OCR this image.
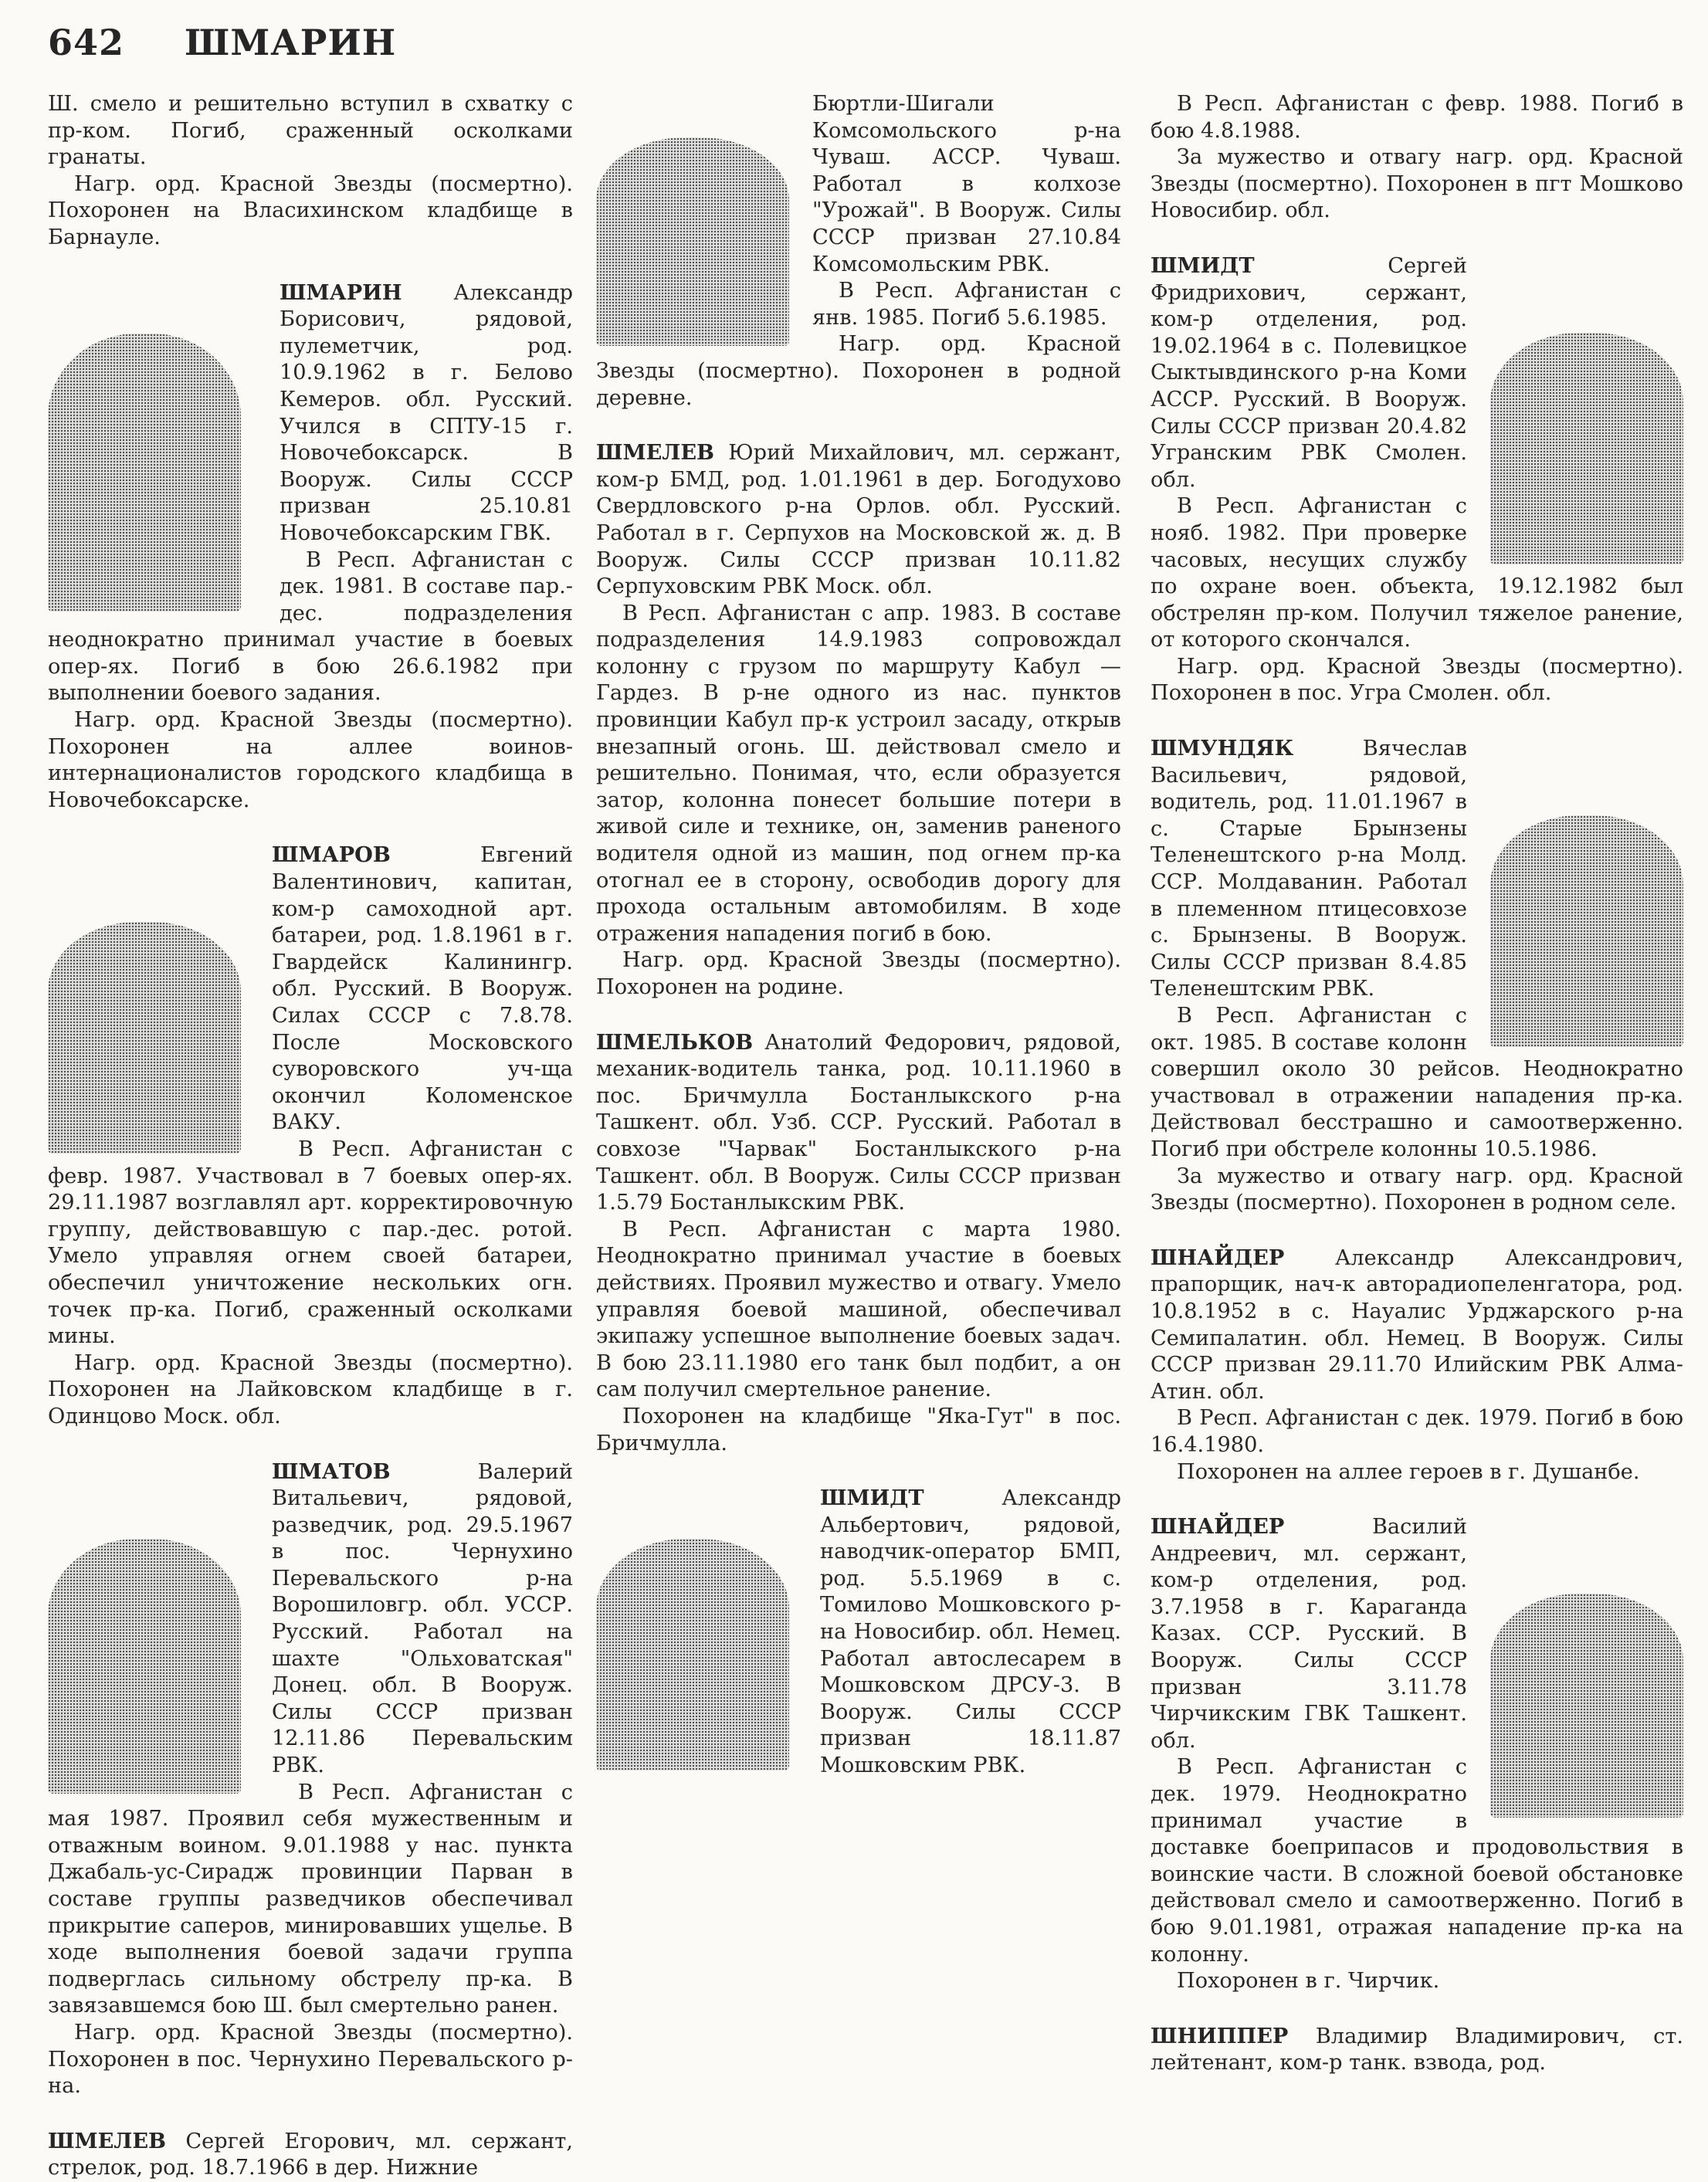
642 ШМАРИН

Ш. смело и решительно вступил в схватку с пр-ком. Погиб, сраженный осколками гранаты.

Нагр. орд. Красной Звезды (посмертно). Похоронен на Власихинском кладбище в Барнауле.

ШМАРИН Александр Борисович, рядовой, пулеметчик, род. 10.9.1962 в г. Белово Кемеров. обл. Русский. Учился в СПТУ-15 г. Новочебоксарск. В Вооруж. Силы СССР призван 25.10.81 Новочебоксарским ГВК.

В Респ. Афганистан с дек. 1981. В составе пар.-дес. подразделения неоднократно принимал участие в боевых опер-ях. Погиб в бою 26.6.1982 при выполнении боевого задания.

Нагр. орд. Красной Звезды (посмертно). Похоронен на аллее воинов-интернационалистов городского кладбища в Новочебоксарске.

ШМАРОВ Евгений Валентинович, капитан, ком-р самоходной арт. батареи, род. 1.8.1961 в г. Гвардейск Калинингр. обл. Русский. В Вооруж. Силах СССР с 7.8.78. После Московского суворовского уч-ща окончил Коломенское ВАКУ.

В Респ. Афганистан с февр. 1987. Участвовал в 7 боевых опер-ях. 29.11.1987 возглавлял арт. корректировочную группу, действовавшую с пар.-дес. ротой. Умело управляя огнем своей батареи, обеспечил уничтожение нескольких огн. точек пр-ка. Погиб, сраженный осколками мины.

Нагр. орд. Красной Звезды (посмертно). Похоронен на Лайковском кладбище в г. Одинцово Моск. обл.

ШМАТОВ Валерий Витальевич, рядовой, разведчик, род. 29.5.1967 в пос. Чернухино Перевальского р-на Ворошиловгр. обл. УССР. Русский. Работал на шахте "Ольховатская" Донец. обл. В Вооруж. Силы СССР призван 12.11.86 Перевальским РВК.

В Респ. Афганистан с мая 1987. Проявил себя мужественным и отважным воином. 9.01.1988 у нас. пункта Джабаль-ус-Сирадж провинции Парван в составе группы разведчиков обеспечивал прикрытие саперов, минировавших ущелье. В ходе выполнения боевой задачи группа подверглась сильному обстрелу пр-ка. В завязавшемся бою Ш. был смертельно ранен.

Нагр. орд. Красной Звезды (посмертно). Похоронен в пос. Чернухино Перевальского р-на.

ШМЕЛЕВ Сергей Егорович, мл. сержант, стрелок, род. 18.7.1966 в дер. Нижние

Бюртли-Шигали Комсомольского р-на Чуваш. АССР. Чуваш. Работал в колхозе "Урожай". В Вооруж. Силы СССР призван 27.10.84 Комсомольским РВК.

В Респ. Афганистан с янв. 1985. Погиб 5.6.1985.

Нагр. орд. Красной Звезды (посмертно). Похоронен в родной деревне.

ШМЕЛЕВ Юрий Михайлович, мл. сержант, ком-р БМД, род. 1.01.1961 в дер. Богодухово Свердловского р-на Орлов. обл. Русский. Работал в г. Серпухов на Московской ж. д. В Вооруж. Силы СССР призван 10.11.82 Серпуховским РВК Моск. обл.

В Респ. Афганистан с апр. 1983. В составе подразделения 14.9.1983 сопровождал колонну с грузом по маршруту Кабул — Гардез. В р-не одного из нас. пунктов провинции Кабул пр-к устроил засаду, открыв внезапный огонь. Ш. действовал смело и решительно. Понимая, что, если образуется затор, колонна понесет большие потери в живой силе и технике, он, заменив раненого водителя одной из машин, под огнем пр-ка отогнал ее в сторону, освободив дорогу для прохода остальным автомобилям. В ходе отражения нападения погиб в бою.

Нагр. орд. Красной Звезды (посмертно). Похоронен на родине.

ШМЕЛЬКОВ Анатолий Федорович, рядовой, механик-водитель танка, род. 10.11.1960 в пос. Бричмулла Бостанлыкского р-на Ташкент. обл. Узб. ССР. Русский. Работал в совхозе "Чарвак" Бостанлыкского р-на Ташкент. обл. В Вооруж. Силы СССР призван 1.5.79 Бостанлыкским РВК.

В Респ. Афганистан с марта 1980. Неоднократно принимал участие в боевых действиях. Проявил мужество и отвагу. Умело управляя боевой машиной, обеспечивал экипажу успешное выполнение боевых задач. В бою 23.11.1980 его танк был подбит, а он сам получил смертельное ранение.

Похоронен на кладбище "Яка-Гут" в пос. Бричмулла.

ШМИДТ Александр Альбертович, рядовой, наводчик-оператор БМП, род. 5.5.1969 в с. Томилово Мошковского р-на Новосибир. обл. Немец. Работал автослесарем в Мошковском ДРСУ-3. В Вооруж. Силы СССР призван 18.11.87 Мошковским РВК.

В Респ. Афганистан с февр. 1988. Погиб в бою 4.8.1988.

За мужество и отвагу нагр. орд. Красной Звезды (посмертно). Похоронен в пгт Мошково Новосибир. обл.

ШМИДТ Сергей Фридрихович, сержант, ком-р отделения, род. 19.02.1964 в с. Полевицкое Сыктывдинского р-на Коми АССР. Русский. В Вооруж. Силы СССР призван 20.4.82 Угранским РВК Смолен. обл.

В Респ. Афганистан с нояб. 1982. При проверке часовых, несущих службу по охране воен. объекта, 19.12.1982 был обстрелян пр-ком. Получил тяжелое ранение, от которого скончался.

Нагр. орд. Красной Звезды (посмертно). Похоронен в пос. Угра Смолен. обл.

ШМУНДЯК Вячеслав Васильевич, рядовой, водитель, род. 11.01.1967 в с. Старые Брынзены Теленештского р-на Молд. ССР. Молдаванин. Работал в племенном птицесовхозе с. Брынзены. В Вооруж. Силы СССР призван 8.4.85 Теленештским РВК.

В Респ. Афганистан с окт. 1985. В составе колонн совершил около 30 рейсов. Неоднократно участвовал в отражении нападения пр-ка. Действовал бесстрашно и самоотверженно. Погиб при обстреле колонны 10.5.1986.

За мужество и отвагу нагр. орд. Красной Звезды (посмертно). Похоронен в родном селе.

ШНАЙДЕР Александр Александрович, прапорщик, нач-к авторадиопеленгатора, род. 10.8.1952 в с. Науалис Урджарского р-на Семипалатин. обл. Немец. В Вооруж. Силы СССР призван 29.11.70 Илийским РВК Алма-Атин. обл.

В Респ. Афганистан с дек. 1979. Погиб в бою 16.4.1980.

Похоронен на аллее героев в г. Душанбе.

ШНАЙДЕР Василий Андреевич, мл. сержант, ком-р отделения, род. 3.7.1958 в г. Караганда Казах. ССР. Русский. В Вооруж. Силы СССР призван 3.11.78 Чирчикским ГВК Ташкент. обл.

В Респ. Афганистан с дек. 1979. Неоднократно принимал участие в доставке боеприпасов и продовольствия в воинские части. В сложной боевой обстановке действовал смело и самоотверженно. Погиб в бою 9.01.1981, отражая нападение пр-ка на колонну.

Похоронен в г. Чирчик.

ШНИППЕР Владимир Владимирович, ст. лейтенант, ком-р танк. взвода, род.
